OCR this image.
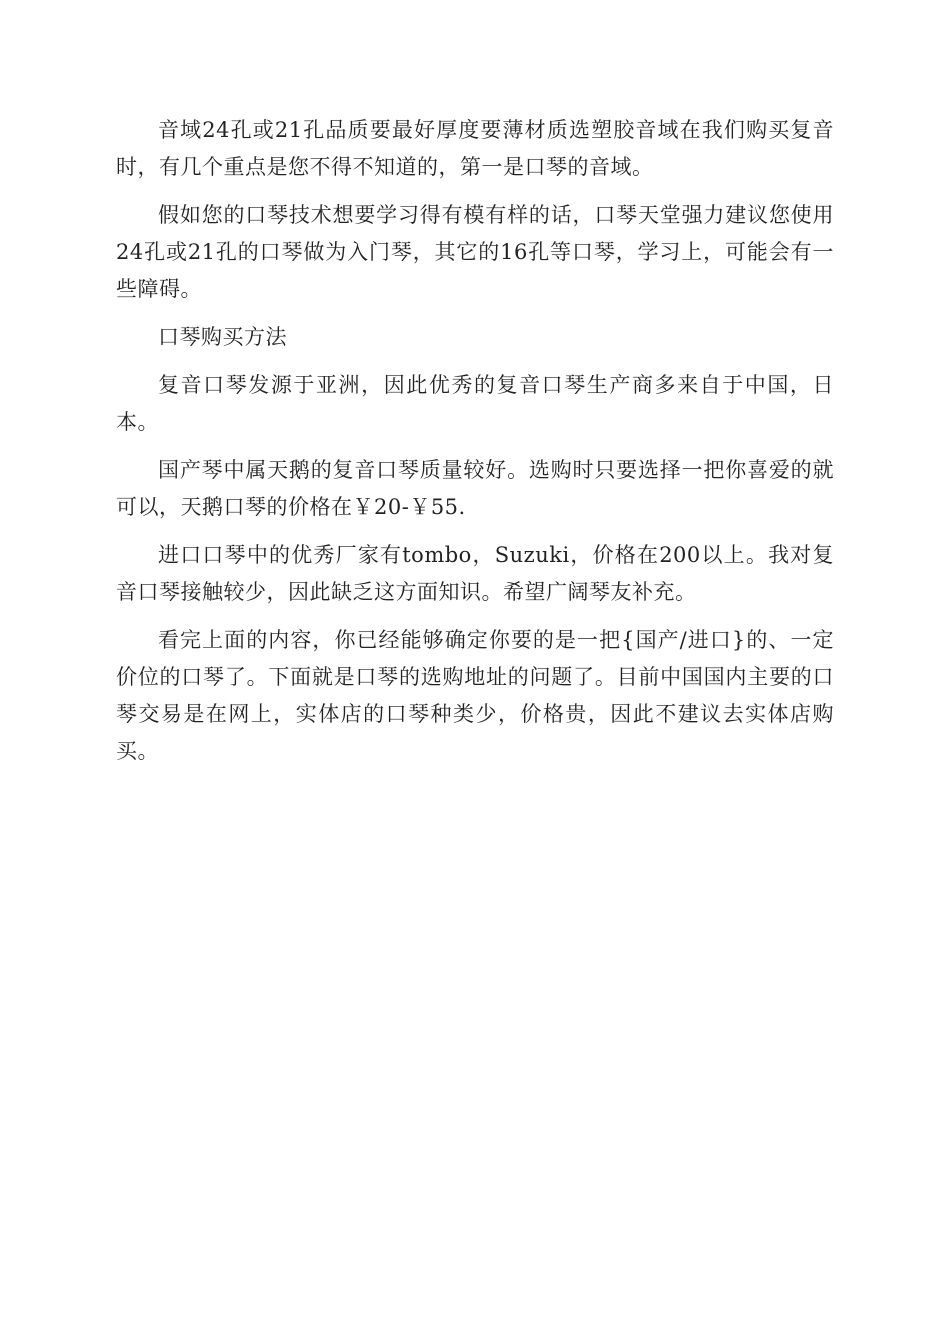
音域24孔或21孔品质要最好厚度要薄材质选塑胶音域在我们购买复音时，有几个重点是您不得不知道的，第一是口琴的音域。

假如您的口琴技术想要学习得有模有样的话，口琴天堂强力建议您使用24孔或21孔的口琴做为入门琴，其它的16孔等口琴，学习上，可能会有一些障碍。

口琴购买方法

复音口琴发源于亚洲，因此优秀的复音口琴生产商多来自于中国，日本。

国产琴中属天鹅的复音口琴质量较好。选购时只要选择一把你喜爱的就可以，天鹅口琴的价格在￥20-￥55.

进口口琴中的优秀厂家有tombo，Suzuki，价格在200以上。我对复音口琴接触较少，因此缺乏这方面知识。希望广阔琴友补充。

看完上面的内容，你已经能够确定你要的是一把{国产/进口}的、一定价位的口琴了。下面就是口琴的选购地址的问题了。目前中国国内主要的口琴交易是在网上，实体店的口琴种类少，价格贵，因此不建议去实体店购买。
